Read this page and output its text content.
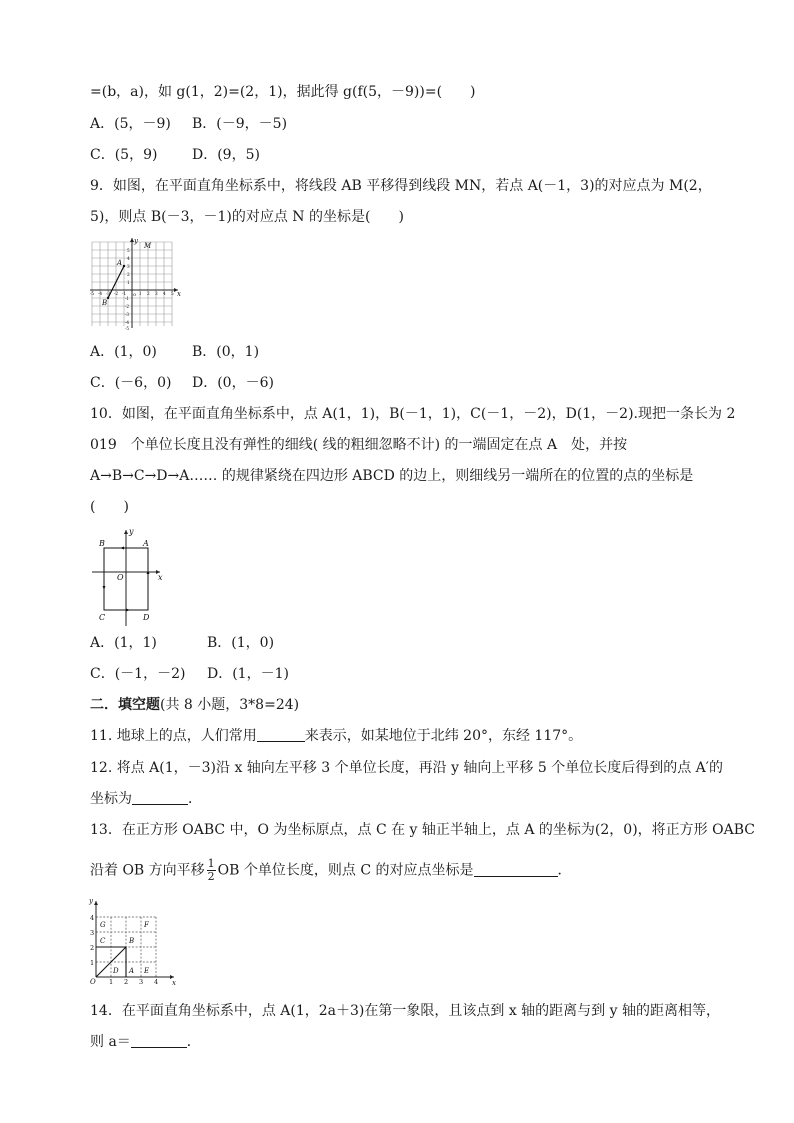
=(b，a)，如 g(1，2)=(2，1)，据此得 g(f(5，－9))=(　　)
A．(5，－9) B．(－9，－5)
C．(5，9) D．(9，5)
9．如图，在平面直角坐标系中，将线段 AB 平移得到线段 MN，若点 A(－1，3)的对应点为 M(2，
5)，则点 B(－3，－1)的对应点 N 的坐标是(　　)
A
B
M
x
y
O
-5 -4 -3 -2 -1	1 2 3 4 5
5
4
3
2
1
-1
-2
-3
-4
-5
A．(1，0)	B．(0，1)
C．(－6，0) D．(0，－6)
10．如图，在平面直角坐标系中，点 A(1，1)，B(－1，1)，C(－1，－2)，D(1，－2).现把一条长为 2
019　个单位长度且没有弹性的细线( 线的粗细忽略不计) 的一端固定在点 A　处，并按
A→B→C→D→A…… 的规律紧绕在四边形 ABCD 的边上，则细线另一端所在的位置的点的坐标是
(　　)
B	A
C	D
O	x
y
A．(1，1)	B．(1，0)
C．(－1，－2) D．(1，－1)
二．填空题(共 8 小题，3*8=24)
11. 地球上的点，人们常用	来表示，如某地位于北纬 20°，东经 117°。
12. 将点 A(1，－3)沿 x 轴向左平移 3 个单位长度，再沿 y 轴向上平移 5 个单位长度后得到的点 A′的
坐标为	．
13．在正方形 OABC 中，O 为坐标原点，点 C 在 y 轴正半轴上，点 A 的坐标为(2，0)，将正方形 OABC
沿着 OB 方向平移 $\frac{1}{2}$ OB 个单位长度，则点 C 的对应点坐标是	．
y
x
O 1 2 3 4
1
2
3
4
G	F
C	B
D A E
14．在平面直角坐标系中，点 A(1，2a＋3)在第一象限，且该点到 x 轴的距离与到 y 轴的距离相等，
则 a＝	．
